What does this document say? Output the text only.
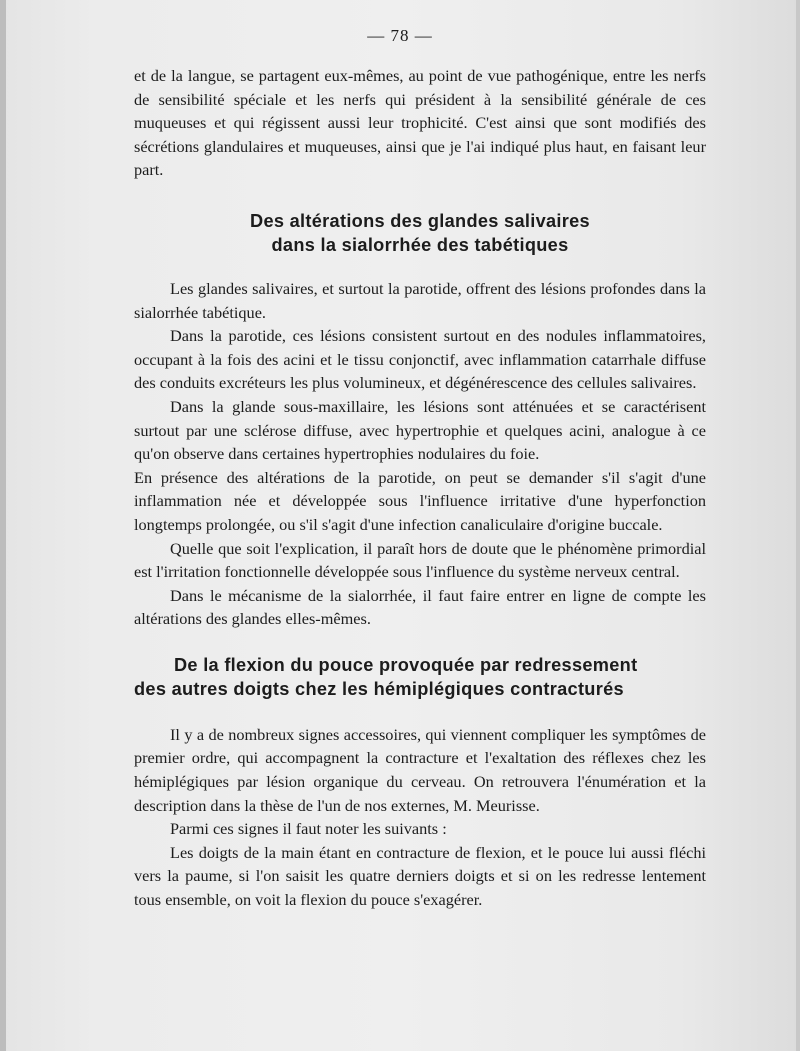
— 78 —

et de la langue, se partagent eux-mêmes, au point de vue pathogénique, entre les nerfs de sensibilité spéciale et les nerfs qui président à la sensibilité générale de ces muqueuses et qui régissent aussi leur trophicité. C'est ainsi que sont modifiés des sécrétions glandulaires et muqueuses, ainsi que je l'ai indiqué plus haut, en faisant leur part.

Des altérations des glandes salivaires
dans la sialorrhée des tabétiques

Les glandes salivaires, et surtout la parotide, offrent des lésions profondes dans la sialorrhée tabétique.

Dans la parotide, ces lésions consistent surtout en des nodules inflammatoires, occupant à la fois des acini et le tissu conjonctif, avec inflammation catarrhale diffuse des conduits excréteurs les plus volumineux, et dégénérescence des cellules salivaires.

Dans la glande sous-maxillaire, les lésions sont atténuées et se caractérisent surtout par une sclérose diffuse, avec hypertrophie et quelques acini, analogue à ce qu'on observe dans certaines hypertrophies nodulaires du foie.

En présence des altérations de la parotide, on peut se demander s'il s'agit d'une inflammation née et développée sous l'influence irritative d'une hyperfonction longtemps prolongée, ou s'il s'agit d'une infection canaliculaire d'origine buccale.

Quelle que soit l'explication, il paraît hors de doute que le phénomène primordial est l'irritation fonctionnelle développée sous l'influence du système nerveux central.

Dans le mécanisme de la sialorrhée, il faut faire entrer en ligne de compte les altérations des glandes elles-mêmes.

De la flexion du pouce provoquée par redressement
des autres doigts chez les hémiplégiques contracturés

Il y a de nombreux signes accessoires, qui viennent compliquer les symptômes de premier ordre, qui accompagnent la contracture et l'exaltation des réflexes chez les hémiplégiques par lésion organique du cerveau. On retrouvera l'énumération et la description dans la thèse de l'un de nos externes, M. Meurisse.

Parmi ces signes il faut noter les suivants :

Les doigts de la main étant en contracture de flexion, et le pouce lui aussi fléchi vers la paume, si l'on saisit les quatre derniers doigts et si on les redresse lentement tous ensemble, on voit la flexion du pouce s'exagérer.
